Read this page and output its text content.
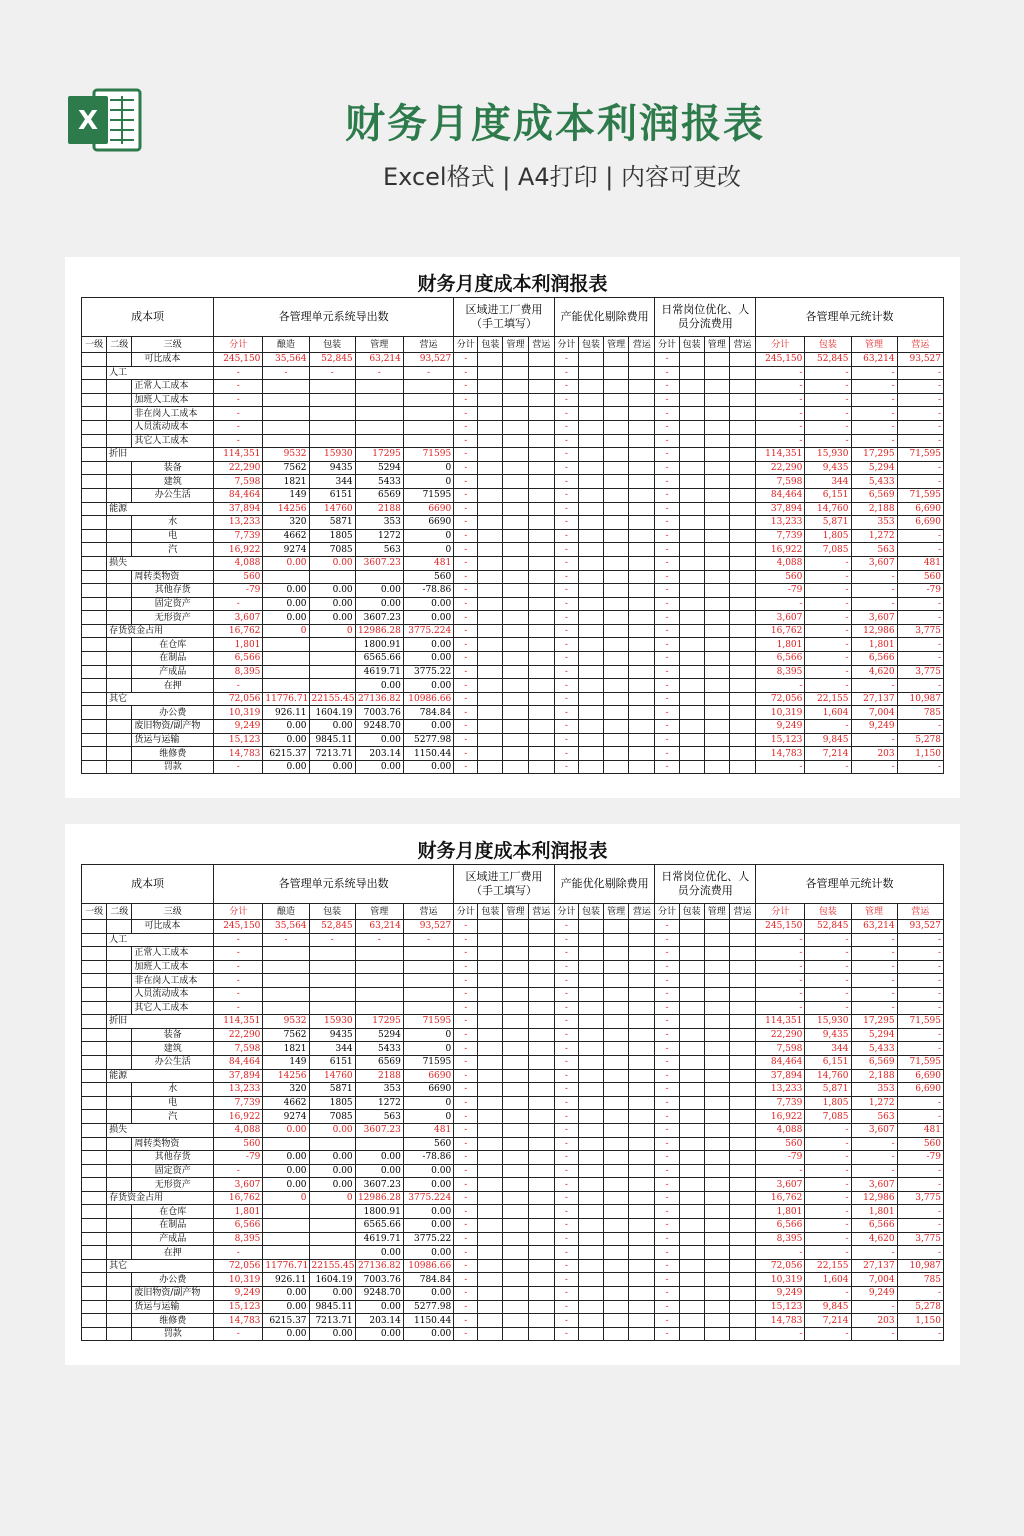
X	财务月度成本利润报表
Excel格式 | A4打印 | 内容可更改
财务月度成本利润报表
成本项			各管理单元系统导出数					区域进工厂费用（手工填写）				产能优化剔除费用				日常岗位优化、人员分流费用				各管理单元统计数			
一级	二级	三级	分计	酿造	包装	管理	营运	分计	包装	管理	营运	分计	包装	管理	营运	分计	包装	管理	营运	分计	包装	管理	营运
		可比成本	245,150	35,564	52,845	63,214	93,527	-				-				-				245,150	52,845	63,214	93,527
	人工		-	-	-	-	-	-				-				-				-	-	-	-
		正常人工成本	-					-				-				-				-	-	-	-
		加班人工成本	-					-				-				-				-	-	-	-
		非在岗人工成本	-					-				-				-				-	-	-	-
		人员流动成本	-					-				-				-				-	-	-	-
		其它人工成本	-					-				-				-				-	-	-	-
	折旧		114,351	9532	15930	17295	71595	-				-				-				114,351	15,930	17,295	71,595
		装备	22,290	7562	9435	5294	0	-				-				-				22,290	9,435	5,294	-
		建筑	7,598	1821	344	5433	0	-				-				-				7,598	344	5,433	-
		办公生活	84,464	149	6151	6569	71595	-				-				-				84,464	6,151	6,569	71,595
	能源		37,894	14256	14760	2188	6690	-				-				-				37,894	14,760	2,188	6,690
		水	13,233	320	5871	353	6690	-				-				-				13,233	5,871	353	6,690
		电	7,739	4662	1805	1272	0	-				-				-				7,739	1,805	1,272	-
		汽	16,922	9274	7085	563	0	-				-				-				16,922	7,085	563	-
	损失		4,088	0.00	0.00	3607.23	481	-				-				-				4,088	-	3,607	481
		周转类物资	560				560	-				-				-				560	-	-	560
		其他存货	-79	0.00	0.00	0.00	-78.86	-				-				-				-79	-	-	-79
		固定资产	-	0.00	0.00	0.00	0.00	-				-				-				-	-	-	-
		无形资产	3,607	0.00	0.00	3607.23	0.00	-				-				-				3,607	-	3,607	-
	存货资金占用		16,762	0	0	12986.28	3775.224	-				-				-				16,762	-	12,986	3,775
		在仓库	1,801			1800.91	0.00	-				-				-				1,801	-	1,801	-
		在制品	6,566			6565.66	0.00	-				-				-				6,566	-	6,566	-
		产成品	8,395			4619.71	3775.22	-				-				-				8,395	-	4,620	3,775
		在押	-			0.00	0.00	-				-				-				-	-	-	-
	其它		72,056	11776.71	22155.45	27136.82	10986.66	-				-				-				72,056	22,155	27,137	10,987
		办公费	10,319	926.11	1604.19	7003.76	784.84	-				-				-				10,319	1,604	7,004	785
		废旧物资/副产物	9,249	0.00	0.00	9248.70	0.00	-				-				-				9,249	-	9,249	-
		货运与运输	15,123	0.00	9845.11	0.00	5277.98	-				-				-				15,123	9,845	-	5,278
		维修费	14,783	6215.37	7213.71	203.14	1150.44	-				-				-				14,783	7,214	203	1,150
		罚款	-	0.00	0.00	0.00	0.00	-				-				-				-	-	-	-
财务月度成本利润报表
成本项			各管理单元系统导出数					区域进工厂费用（手工填写）				产能优化剔除费用				日常岗位优化、人员分流费用				各管理单元统计数			
一级	二级	三级	分计	酿造	包装	管理	营运	分计	包装	管理	营运	分计	包装	管理	营运	分计	包装	管理	营运	分计	包装	管理	营运
		可比成本	245,150	35,564	52,845	63,214	93,527	-				-				-				245,150	52,845	63,214	93,527
	人工		-	-	-	-	-	-				-				-				-	-	-	-
		正常人工成本	-					-				-				-				-	-	-	-
		加班人工成本	-					-				-				-				-	-	-	-
		非在岗人工成本	-					-				-				-				-	-	-	-
		人员流动成本	-					-				-				-				-	-	-	-
		其它人工成本	-					-				-				-				-	-	-	-
	折旧		114,351	9532	15930	17295	71595	-				-				-				114,351	15,930	17,295	71,595
		装备	22,290	7562	9435	5294	0	-				-				-				22,290	9,435	5,294	-
		建筑	7,598	1821	344	5433	0	-				-				-				7,598	344	5,433	-
		办公生活	84,464	149	6151	6569	71595	-				-				-				84,464	6,151	6,569	71,595
	能源		37,894	14256	14760	2188	6690	-				-				-				37,894	14,760	2,188	6,690
		水	13,233	320	5871	353	6690	-				-				-				13,233	5,871	353	6,690
		电	7,739	4662	1805	1272	0	-				-				-				7,739	1,805	1,272	-
		汽	16,922	9274	7085	563	0	-				-				-				16,922	7,085	563	-
	损失		4,088	0.00	0.00	3607.23	481	-				-				-				4,088	-	3,607	481
		周转类物资	560				560	-				-				-				560	-	-	560
		其他存货	-79	0.00	0.00	0.00	-78.86	-				-				-				-79	-	-	-79
		固定资产	-	0.00	0.00	0.00	0.00	-				-				-				-	-	-	-
		无形资产	3,607	0.00	0.00	3607.23	0.00	-				-				-				3,607	-	3,607	-
	存货资金占用		16,762	0	0	12986.28	3775.224	-				-				-				16,762	-	12,986	3,775
		在仓库	1,801			1800.91	0.00	-				-				-				1,801	-	1,801	-
		在制品	6,566			6565.66	0.00	-				-				-				6,566	-	6,566	-
		产成品	8,395			4619.71	3775.22	-				-				-				8,395	-	4,620	3,775
		在押	-			0.00	0.00	-				-				-				-	-	-	-
	其它		72,056	11776.71	22155.45	27136.82	10986.66	-				-				-				72,056	22,155	27,137	10,987
		办公费	10,319	926.11	1604.19	7003.76	784.84	-				-				-				10,319	1,604	7,004	785
		废旧物资/副产物	9,249	0.00	0.00	9248.70	0.00	-				-				-				9,249	-	9,249	-
		货运与运输	15,123	0.00	9845.11	0.00	5277.98	-				-				-				15,123	9,845	-	5,278
		维修费	14,783	6215.37	7213.71	203.14	1150.44	-				-				-				14,783	7,214	203	1,150
		罚款	-	0.00	0.00	0.00	0.00	-				-				-				-	-	-	-
